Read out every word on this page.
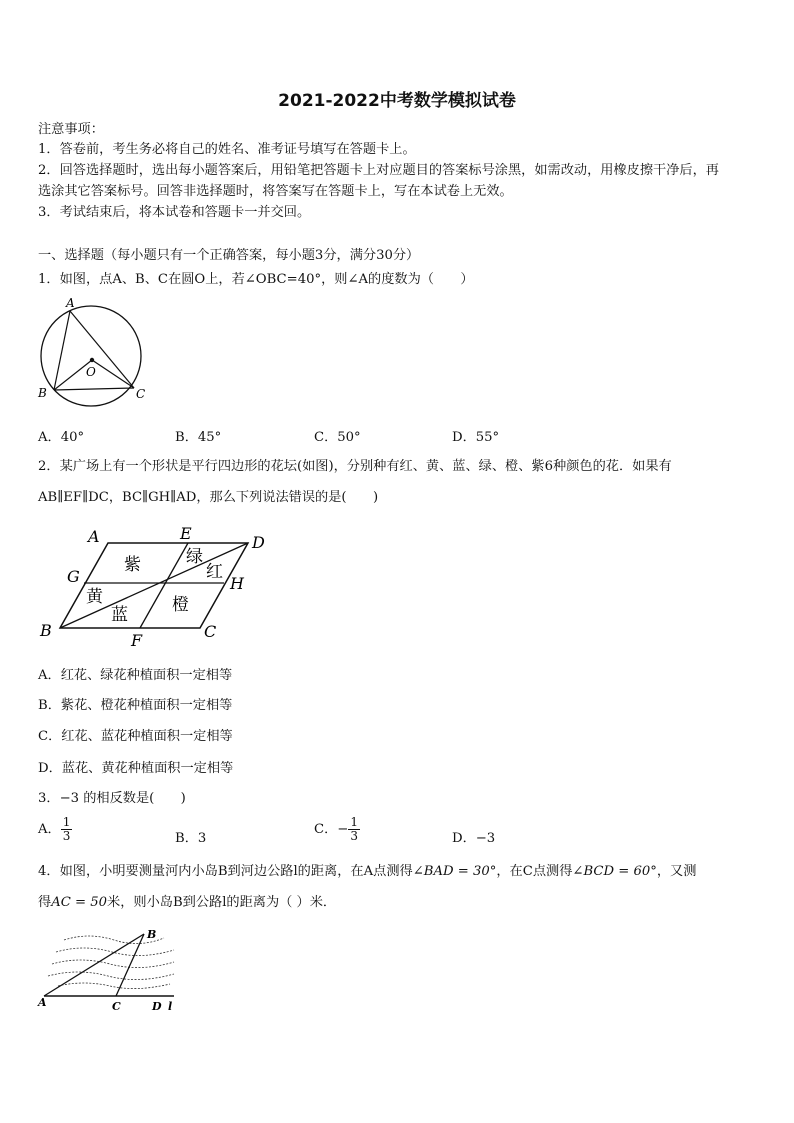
2021-2022中考数学模拟试卷
注意事项：
1．答卷前，考生务必将自己的姓名、准考证号填写在答题卡上。
2．回答选择题时，选出每小题答案后，用铅笔把答题卡上对应题目的答案标号涂黑，如需改动，用橡皮擦干净后，再
选涂其它答案标号。回答非选择题时，将答案写在答题卡上，写在本试卷上无效。
3．考试结束后，将本试卷和答题卡一并交回。
一、选择题（每小题只有一个正确答案，每小题3分，满分30分）
1．如图，点A、B、C在圆O上，若∠OBC=40°，则∠A的度数为（　　）
A
B	C
O
A．40°	B．45°	C．50°	D．55°
2．某广场上有一个形状是平行四边形的花坛(如图)，分别种有红、黄、蓝、绿、橙、紫6种颜色的花．如果有
AB∥EF∥DC，BC∥GH∥AD，那么下列说法错误的是(　　)
A	E	D
G	H
B
F	C
紫	绿
红
黄
蓝	橙
A．红花、绿花种植面积一定相等
B．紫花、橙花种植面积一定相等
C．红花、蓝花种植面积一定相等
D．蓝花、黄花种植面积一定相等
3．−3 的相反数是(　　)
A． $\frac{1}{3}$	B．3
C．− $\frac{1}{3}$	D．−3
4．如图，小明要测量河内小岛B到河边公路l的距离，在A点测得∠BAD = 30°，在C点测得∠BCD = 60°，又测
得AC = 50米，则小岛B到公路l的距离为（ ）米．
B
A	C	D l
